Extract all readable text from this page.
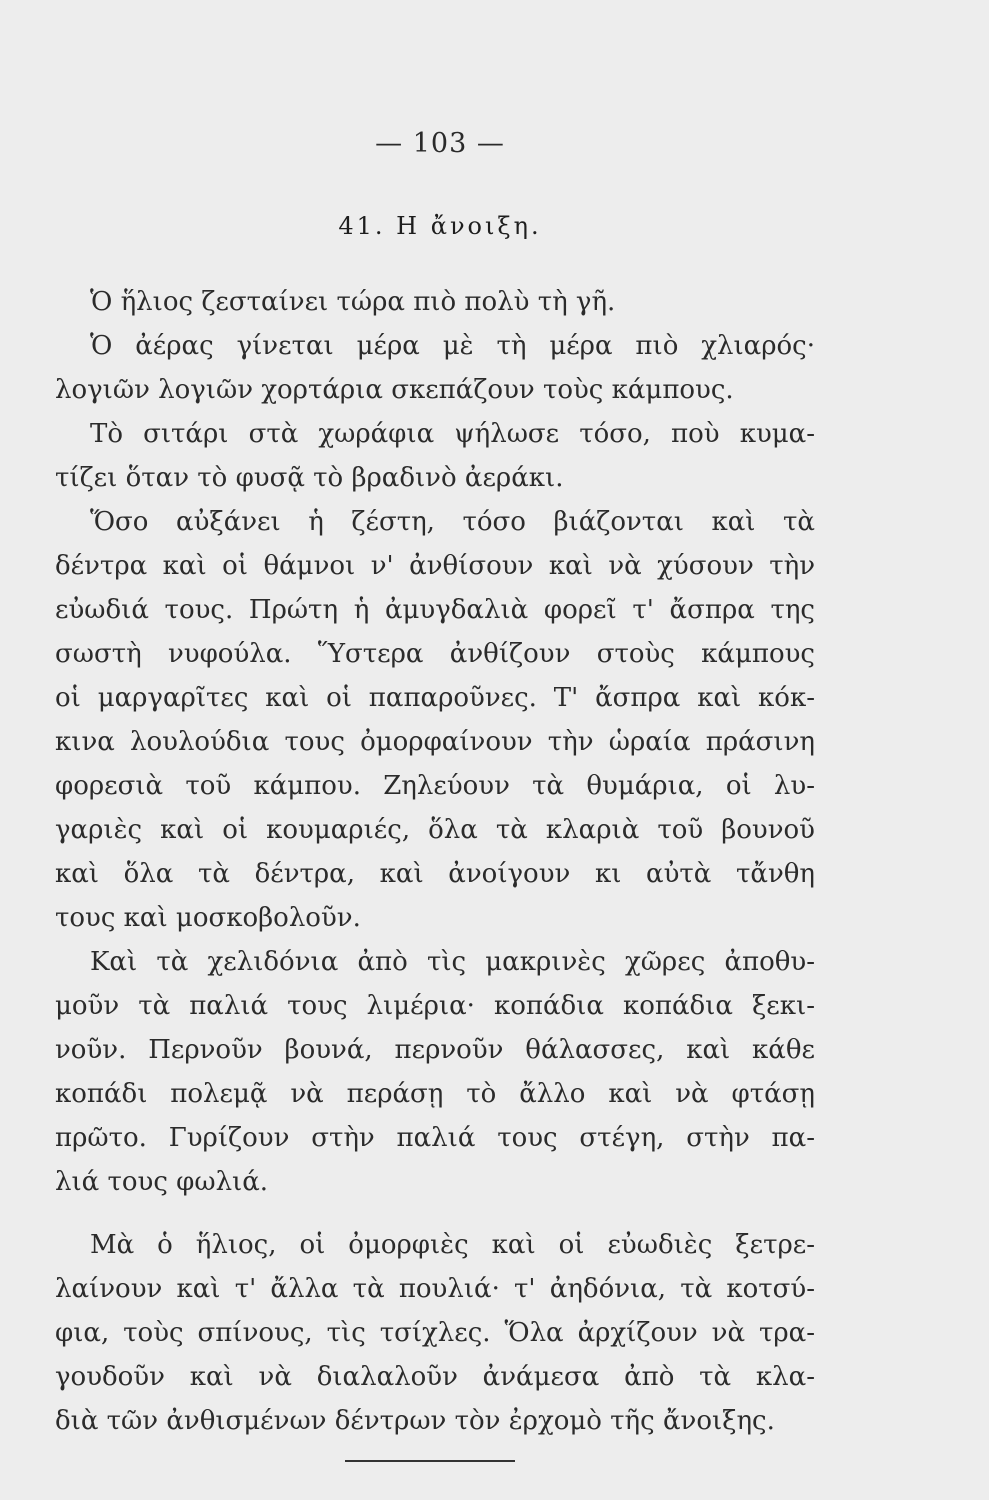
— 103 —
41. Η ἄνοιξη.
Ὁ ἥλιος ζεσταίνει τώρα πιὸ πολὺ τὴ γῆ.
Ὁ ἀέρας γίνεται μέρα μὲ τὴ μέρα πιὸ χλιαρός·
λογιῶν λογιῶν χορτάρια σκεπάζουν τοὺς κάμπους.
Τὸ σιτάρι στὰ χωράφια ψήλωσε τόσο, ποὺ κυμα-
τίζει ὅταν τὸ φυσᾷ τὸ βραδινὸ ἀεράκι.
Ὅσο αὐξάνει ἡ ζέστη, τόσο βιάζονται καὶ τὰ
δέντρα καὶ οἱ θάμνοι ν' ἀνθίσουν καὶ νὰ χύσουν τὴν
εὐωδιά τους. Πρώτη ἡ ἀμυγδαλιὰ φορεῖ τ' ἄσπρα της
σωστὴ νυφούλα. Ὕστερα ἀνθίζουν στοὺς κάμπους
οἱ μαργαρῖτες καὶ οἱ παπαροῦνες. Τ' ἄσπρα καὶ κόκ-
κινα λουλούδια τους ὀμορφαίνουν τὴν ὡραία πράσινη
φορεσιὰ τοῦ κάμπου. Ζηλεύουν τὰ θυμάρια, οἱ λυ-
γαριὲς καὶ οἱ κουμαριές, ὅλα τὰ κλαριὰ τοῦ βουνοῦ
καὶ ὅλα τὰ δέντρα, καὶ ἀνοίγουν κι αὐτὰ τἄνθη
τους καὶ μοσκοβολοῦν.
Καὶ τὰ χελιδόνια ἀπὸ τὶς μακρινὲς χῶρες ἀποθυ-
μοῦν τὰ παλιά τους λιμέρια· κοπάδια κοπάδια ξεκι-
νοῦν. Περνοῦν βουνά, περνοῦν θάλασσες, καὶ κάθε
κοπάδι πολεμᾷ νὰ περάσῃ τὸ ἄλλο καὶ νὰ φτάσῃ
πρῶτο. Γυρίζουν στὴν παλιά τους στέγη, στὴν πα-
λιά τους φωλιά.
Μὰ ὁ ἥλιος, οἱ ὀμορφιὲς καὶ οἱ εὐωδιὲς ξετρε-
λαίνουν καὶ τ' ἄλλα τὰ πουλιά· τ' ἀηδόνια, τὰ κοτσύ-
φια, τοὺς σπίνους, τὶς τσίχλες. Ὅλα ἀρχίζουν νὰ τρα-
γουδοῦν καὶ νὰ διαλαλοῦν ἀνάμεσα ἀπὸ τὰ κλα-
διὰ τῶν ἀνθισμένων δέντρων τὸν ἐρχομὸ τῆς ἄνοιξης.
